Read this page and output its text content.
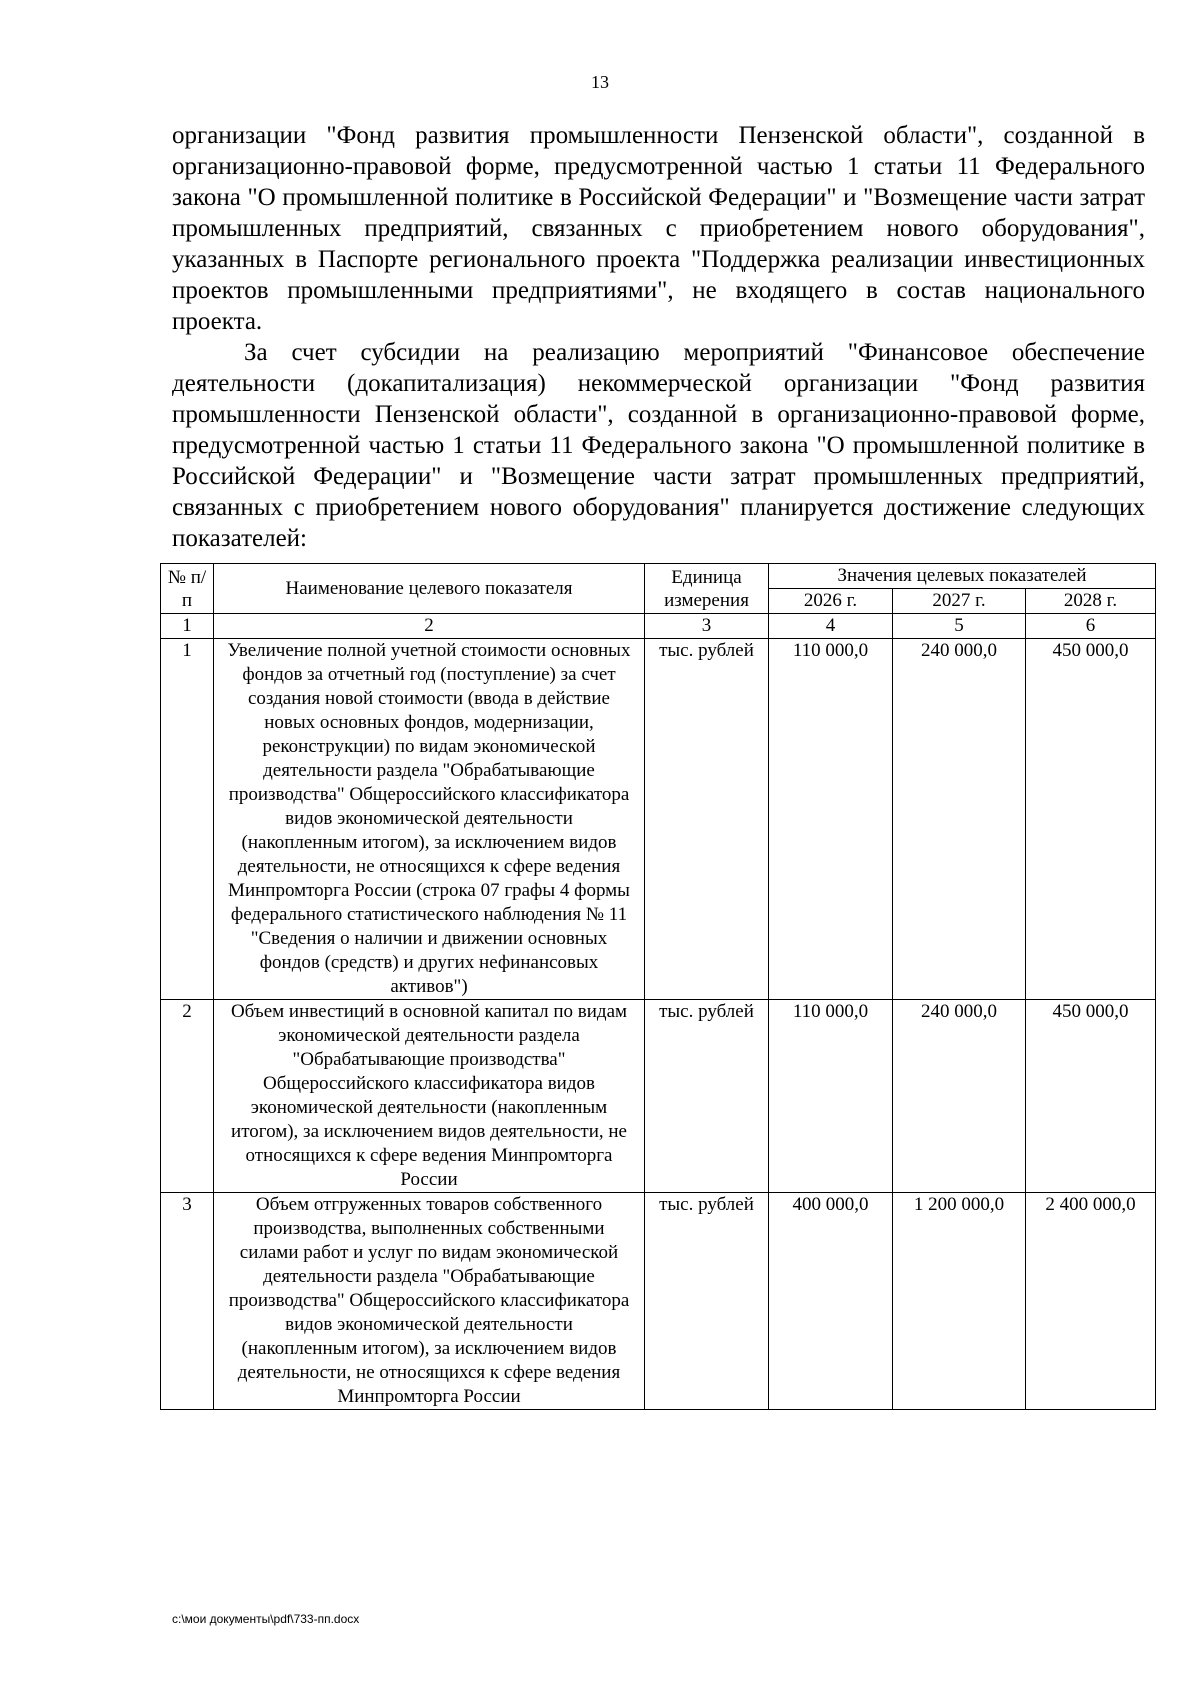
13

организации "Фонд развития промышленности Пензенской области", созданной в организационно-правовой форме, предусмотренной частью 1 статьи 11 Федерального закона "О промышленной политике в Российской Федерации" и "Возмещение части затрат промышленных предприятий, связанных с приобретением нового оборудования", указанных в Паспорте регионального проекта "Поддержка реализации инвестиционных проектов промышленными предприятиями", не входящего в состав национального проекта.

За счет субсидии на реализацию мероприятий "Финансовое обеспечение деятельности (докапитализация) некоммерческой организации "Фонд развития промышленности Пензенской области", созданной в организационно-правовой форме, предусмотренной частью 1 статьи 11 Федерального закона "О промышленной политике в Российской Федерации" и "Возмещение части затрат промышленных предприятий, связанных с приобретением нового оборудования" планируется достижение следующих показателей:

№ п/п	Наименование целевого показателя	Единица измерения	Значения целевых показателей		
			2026 г.	2027 г.	2028 г.
1	2	3	4	5	6
1	Увеличение полной учетной стоимости основных фондов за отчетный год (поступление) за счет создания новой стоимости (ввода в действие новых основных фондов, модернизации, реконструкции) по видам экономической деятельности раздела "Обрабатывающие производства" Общероссийского классификатора видов экономической деятельности (накопленным итогом), за исключением видов деятельности, не относящихся к сфере ведения Минпромторга России (строка 07 графы 4 формы федерального статистического наблюдения № 11 "Сведения о наличии и движении основных фондов (средств) и других нефинансовых активов")	тыс. рублей	110 000,0	240 000,0	450 000,0
2	Объем инвестиций в основной капитал по видам экономической деятельности раздела "Обрабатывающие производства" Общероссийского классификатора видов экономической деятельности (накопленным итогом), за исключением видов деятельности, не относящихся к сфере ведения Минпромторга России	тыс. рублей	110 000,0	240 000,0	450 000,0
3	Объем отгруженных товаров собственного производства, выполненных собственными силами работ и услуг по видам экономической деятельности раздела "Обрабатывающие производства" Общероссийского классификатора видов экономической деятельности (накопленным итогом), за исключением видов деятельности, не относящихся к сфере ведения Минпромторга России	тыс. рублей	400 000,0	1 200 000,0	2 400 000,0
c:\мои документы\pdf\733-пп.docx
